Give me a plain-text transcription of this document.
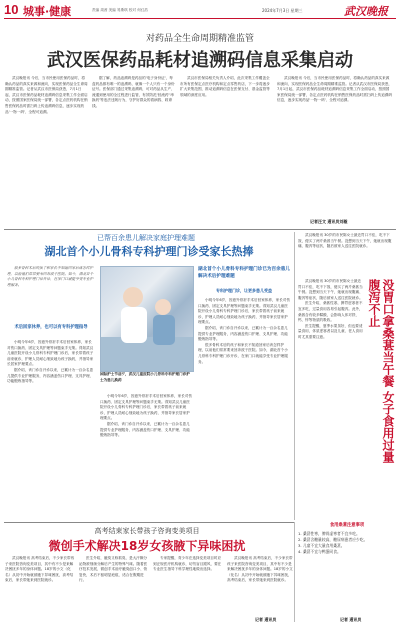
10 城事·健康	责编 周茜 美编 易斯琪 校对 何红浩	2024年7月3日 星期三	武汉晚报
对药品全生命周期精准监管
武汉医保药品耗材追溯码信息采集启动

武汉晚报讯 今后，当市民使用医保药品时，将确认药品的真实来源和流向，实现医保药品全生命周期精准监管。记者从武汉市医保局获悉，7月1日起，武汉市医保药品耗材追溯码信息采集工作全面启动，按照国家医保局统一部署，各定点医药机构在销售医保药品时需扫码上传追溯码信息，逐步实现药品'一物一码'、全程可追溯。

据了解，药品追溯码是药品的'电子身份证'，每盒药品都有唯一的追溯码，就像一个人只有一个身份证号。医保部门通过采集追溯码，可对药品从生产、流通到使用的全过程进行监管，有效防范'回流药''串换药'等违法违规行为，守护好群众的看病钱、救命钱。

武汉市医保局相关负责人介绍，此次采集工作覆盖全市所有医保定点医疗机构和定点零售药店，下一步将逐步扩大采集范围，推动追溯码信息在医保支付、基金监管等领域的深度应用。

武汉晚报讯 今后，当市民使用医保药品时，将确认药品的真实来源和流向，实现医保药品全生命周期精准监管。记者从武汉市医保局获悉，7月1日起，武汉市医保药品耗材追溯码信息采集工作全面启动，按照国家医保局统一部署，各定点医药机构在销售医保药品时需扫码上传追溯码信息，逐步实现药品'一物一码'、全程可追溯。

记者汪文 通讯员刘璇
已帮百余患儿解决家庭护理难题
湖北首个小儿骨科专科护理门诊受家长热捧

很多骨科术后的孩子和家长不知道回家后该怎样护理，以前他们常常要来回奔波于医院。如今，湖北首个小儿骨科专科护理门诊开诊，在家门口就能享受专业护理服务。

术后回家休养，也可以有专科护理指导

小明今年6岁，因意外骨折手术后回家休养，家长对伤口换药、固定支具护理等问题束手无策。得知武汉儿童医院开设小儿骨科专科护理门诊后，家长带着孩子前来就诊，护理人员耐心细致地为孩子换药，并指导家长居家护理要点。

据介绍，该门诊自开诊以来，已累计为一百余名患儿提供专业护理服务，内容涵盖伤口护理、支具护理、功能锻炼指导等。

国际护士节前夕，武汉儿童医院小儿骨科专科护理门诊护士为患儿换药

小明今年6岁，因意外骨折手术后回家休养，家长对伤口换药、固定支具护理等问题束手无策。得知武汉儿童医院开设小儿骨科专科护理门诊后，家长带着孩子前来就诊，护理人员耐心细致地为孩子换药，并指导家长居家护理要点。

据介绍，该门诊自开诊以来，已累计为一百余名患儿提供专业护理服务，内容涵盖伤口护理、支具护理、功能锻炼指导等。

湖北首个小儿骨科专科护理门诊已为百余患儿解决术后护理难题
专科护理门诊，让更多患儿受益

小明今年6岁，因意外骨折手术后回家休养，家长对伤口换药、固定支具护理等问题束手无策。得知武汉儿童医院开设小儿骨科专科护理门诊后，家长带着孩子前来就诊，护理人员耐心细致地为孩子换药，并指导家长居家护理要点。

据介绍，该门诊自开诊以来，已累计为一百余名患儿提供专业护理服务，内容涵盖伤口护理、支具护理、功能锻炼指导等。

很多骨科术后的孩子和家长不知道回家后该怎样护理，以前他们常常要来回奔波于医院。如今，湖北首个小儿骨科专科护理门诊开诊，在家门口就能享受专业护理服务。

武汉晚报讯 30岁的市民陈女士最近胃口不佳，吃不下饭，便买了两斤桑葚当午餐。没想到当天下午，她就出现腹痛、腹泻等症状，随后被家人送往医院就诊。

没胃口拿桑葚当午餐 女子食用过量腹泻不止

武汉晚报讯 30岁的市民陈女士最近胃口不佳，吃不下饭，便买了两斤桑葚当午餐。没想到当天下午，她就出现腹痛、腹泻等症状，随后被家人送往医院就诊。

医生介绍，桑葚性寒，脾胃虚寒者不宜多吃，过量食用容易引起腹泻。此外，桑葚含有较多鞣酸，会影响人体对铁、钙、锌等物质的吸收。

医生提醒，夏季水果虽好，但也要适量食用，体质虚寒者以及儿童、老人食用时尤其需要注意。

高考结束家长带孩子咨询变美项目
微创手术解决18岁女孩腋下异味困扰

武汉晚报讯 高考结束后，不少家长带孩子来医院咨询变美项目，其中有不少是来解决困扰多年的身体问题。18岁的小文（化名）从初中开始就被腋下异味困扰，高考结束后，家长带她来到医院就诊。

医生介绍，腋臭又称狐臭，是大汗腺分泌物被细菌分解后产生的特殊气味。随着医疗技术发展，微创手术治疗腋臭创口小、恢复快，术后不留明显疤痕，适合在假期进行。

专家提醒，青少年在选择变美项目时应到正规医疗机构就诊，切勿盲目跟风，要在专业医生指导下科学理性地做出选择。

武汉晚报讯 高考结束后，不少家长带孩子来医院咨询变美项目，其中有不少是来解决困扰多年的身体问题。18岁的小文（化名）从初中开始就被腋下异味困扰，高考结束后，家长带她来到医院就诊。

记者 通讯员
食用桑葚注意事项
1. 桑葚性寒，脾胃虚寒者不宜多吃。
2. 桑葚含糖量较高，糖尿病患者应少吃。
3. 儿童不宜大量食用桑葚。
4. 桑葚不宜与鸭蛋同食。
记者 通讯员
